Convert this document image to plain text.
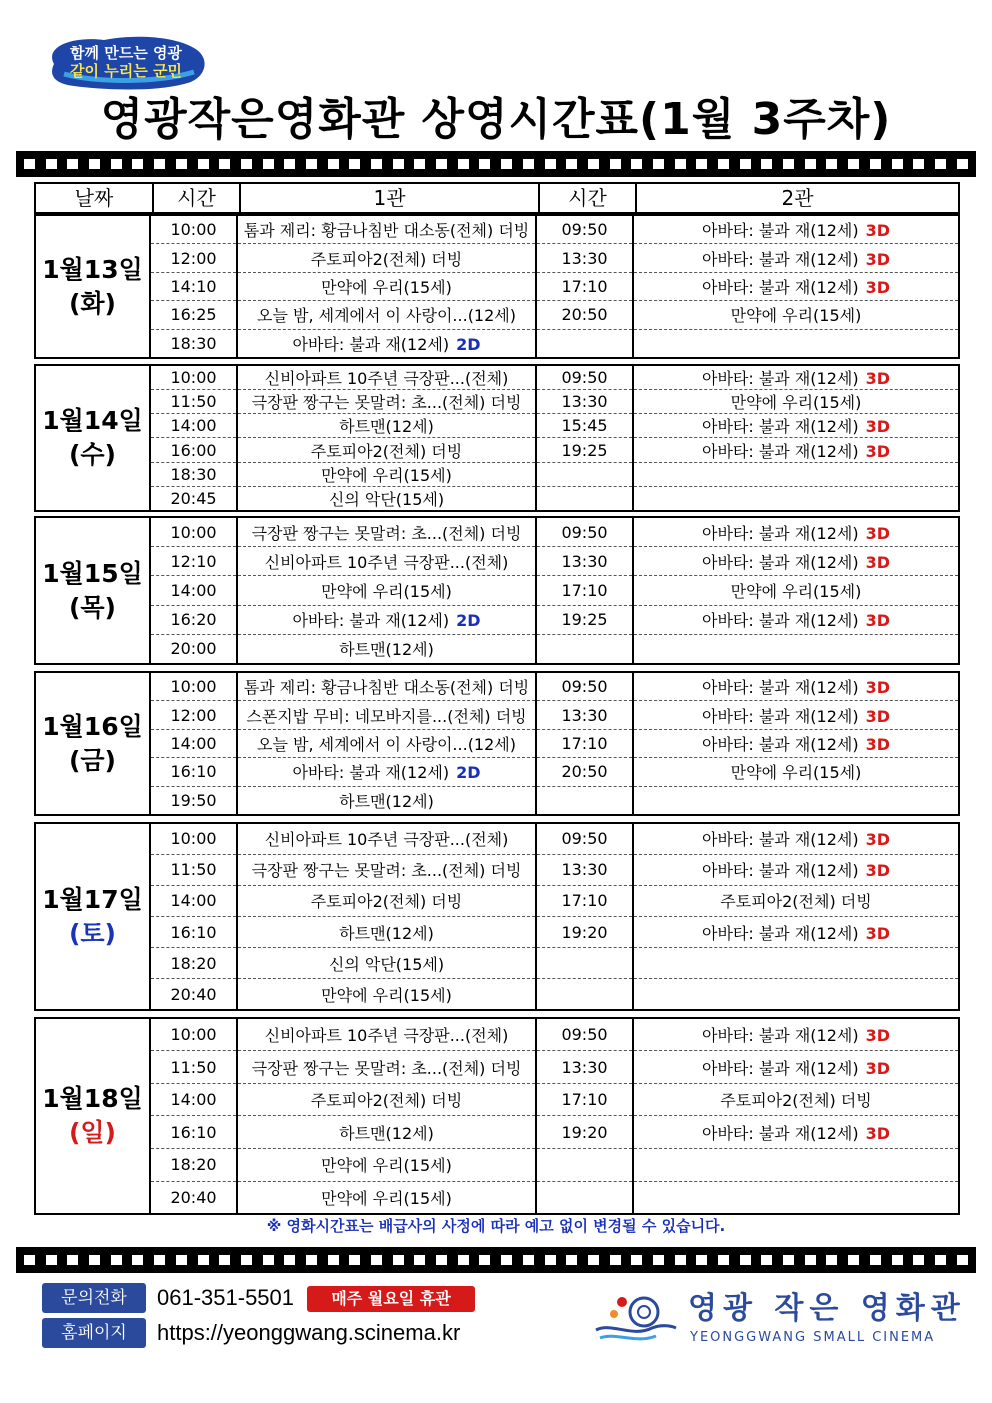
함께 만드는 영광
같이 누리는 군민
영광작은영화관 상영시간표(1월 3주차)
날짜	시간	1관	시간	2관
1월13일
(화)	10:00	톰과 제리: 황금나침반 대소동(전체) 더빙	09:50	아바타: 불과 재(12세) 3D
	12:00	주토피아2(전체) 더빙	13:30	아바타: 불과 재(12세) 3D
	14:10	만약에 우리(15세)	17:10	아바타: 불과 재(12세) 3D
	16:25	오늘 밤, 세계에서 이 사랑이...(12세)	20:50	만약에 우리(15세)
	18:30	아바타: 불과 재(12세) 2D		
1월14일
(수)	10:00	신비아파트 10주년 극장판...(전체)	09:50	아바타: 불과 재(12세) 3D
	11:50	극장판 짱구는 못말려: 초...(전체) 더빙	13:30	만약에 우리(15세)
	14:00	하트맨(12세)	15:45	아바타: 불과 재(12세) 3D
	16:00	주토피아2(전체) 더빙	19:25	아바타: 불과 재(12세) 3D
	18:30	만약에 우리(15세)		
	20:45	신의 악단(15세)		
1월15일
(목)	10:00	극장판 짱구는 못말려: 초...(전체) 더빙	09:50	아바타: 불과 재(12세) 3D
	12:10	신비아파트 10주년 극장판...(전체)	13:30	아바타: 불과 재(12세) 3D
	14:00	만약에 우리(15세)	17:10	만약에 우리(15세)
	16:20	아바타: 불과 재(12세) 2D	19:25	아바타: 불과 재(12세) 3D
	20:00	하트맨(12세)		
1월16일
(금)	10:00	톰과 제리: 황금나침반 대소동(전체) 더빙	09:50	아바타: 불과 재(12세) 3D
	12:00	스폰지밥 무비: 네모바지를...(전체) 더빙	13:30	아바타: 불과 재(12세) 3D
	14:00	오늘 밤, 세계에서 이 사랑이...(12세)	17:10	아바타: 불과 재(12세) 3D
	16:10	아바타: 불과 재(12세) 2D	20:50	만약에 우리(15세)
	19:50	하트맨(12세)		
1월17일
(토)	10:00	신비아파트 10주년 극장판...(전체)	09:50	아바타: 불과 재(12세) 3D
	11:50	극장판 짱구는 못말려: 초...(전체) 더빙	13:30	아바타: 불과 재(12세) 3D
	14:00	주토피아2(전체) 더빙	17:10	주토피아2(전체) 더빙
	16:10	하트맨(12세)	19:20	아바타: 불과 재(12세) 3D
	18:20	신의 악단(15세)		
	20:40	만약에 우리(15세)		
1월18일
(일)	10:00	신비아파트 10주년 극장판...(전체)	09:50	아바타: 불과 재(12세) 3D
	11:50	극장판 짱구는 못말려: 초...(전체) 더빙	13:30	아바타: 불과 재(12세) 3D
	14:00	주토피아2(전체) 더빙	17:10	주토피아2(전체) 더빙
	16:10	하트맨(12세)	19:20	아바타: 불과 재(12세) 3D
	18:20	만약에 우리(15세)		
	20:40	만약에 우리(15세)		
※ 영화시간표는 배급사의 사정에 따라 예고 없이 변경될 수 있습니다.
문의전화	061-351-5501	매주 월요일 휴관
홈페이지	https://yeonggwang.scinema.kr
영광 작은 영화관
YEONGGWANG SMALL CINEMA
